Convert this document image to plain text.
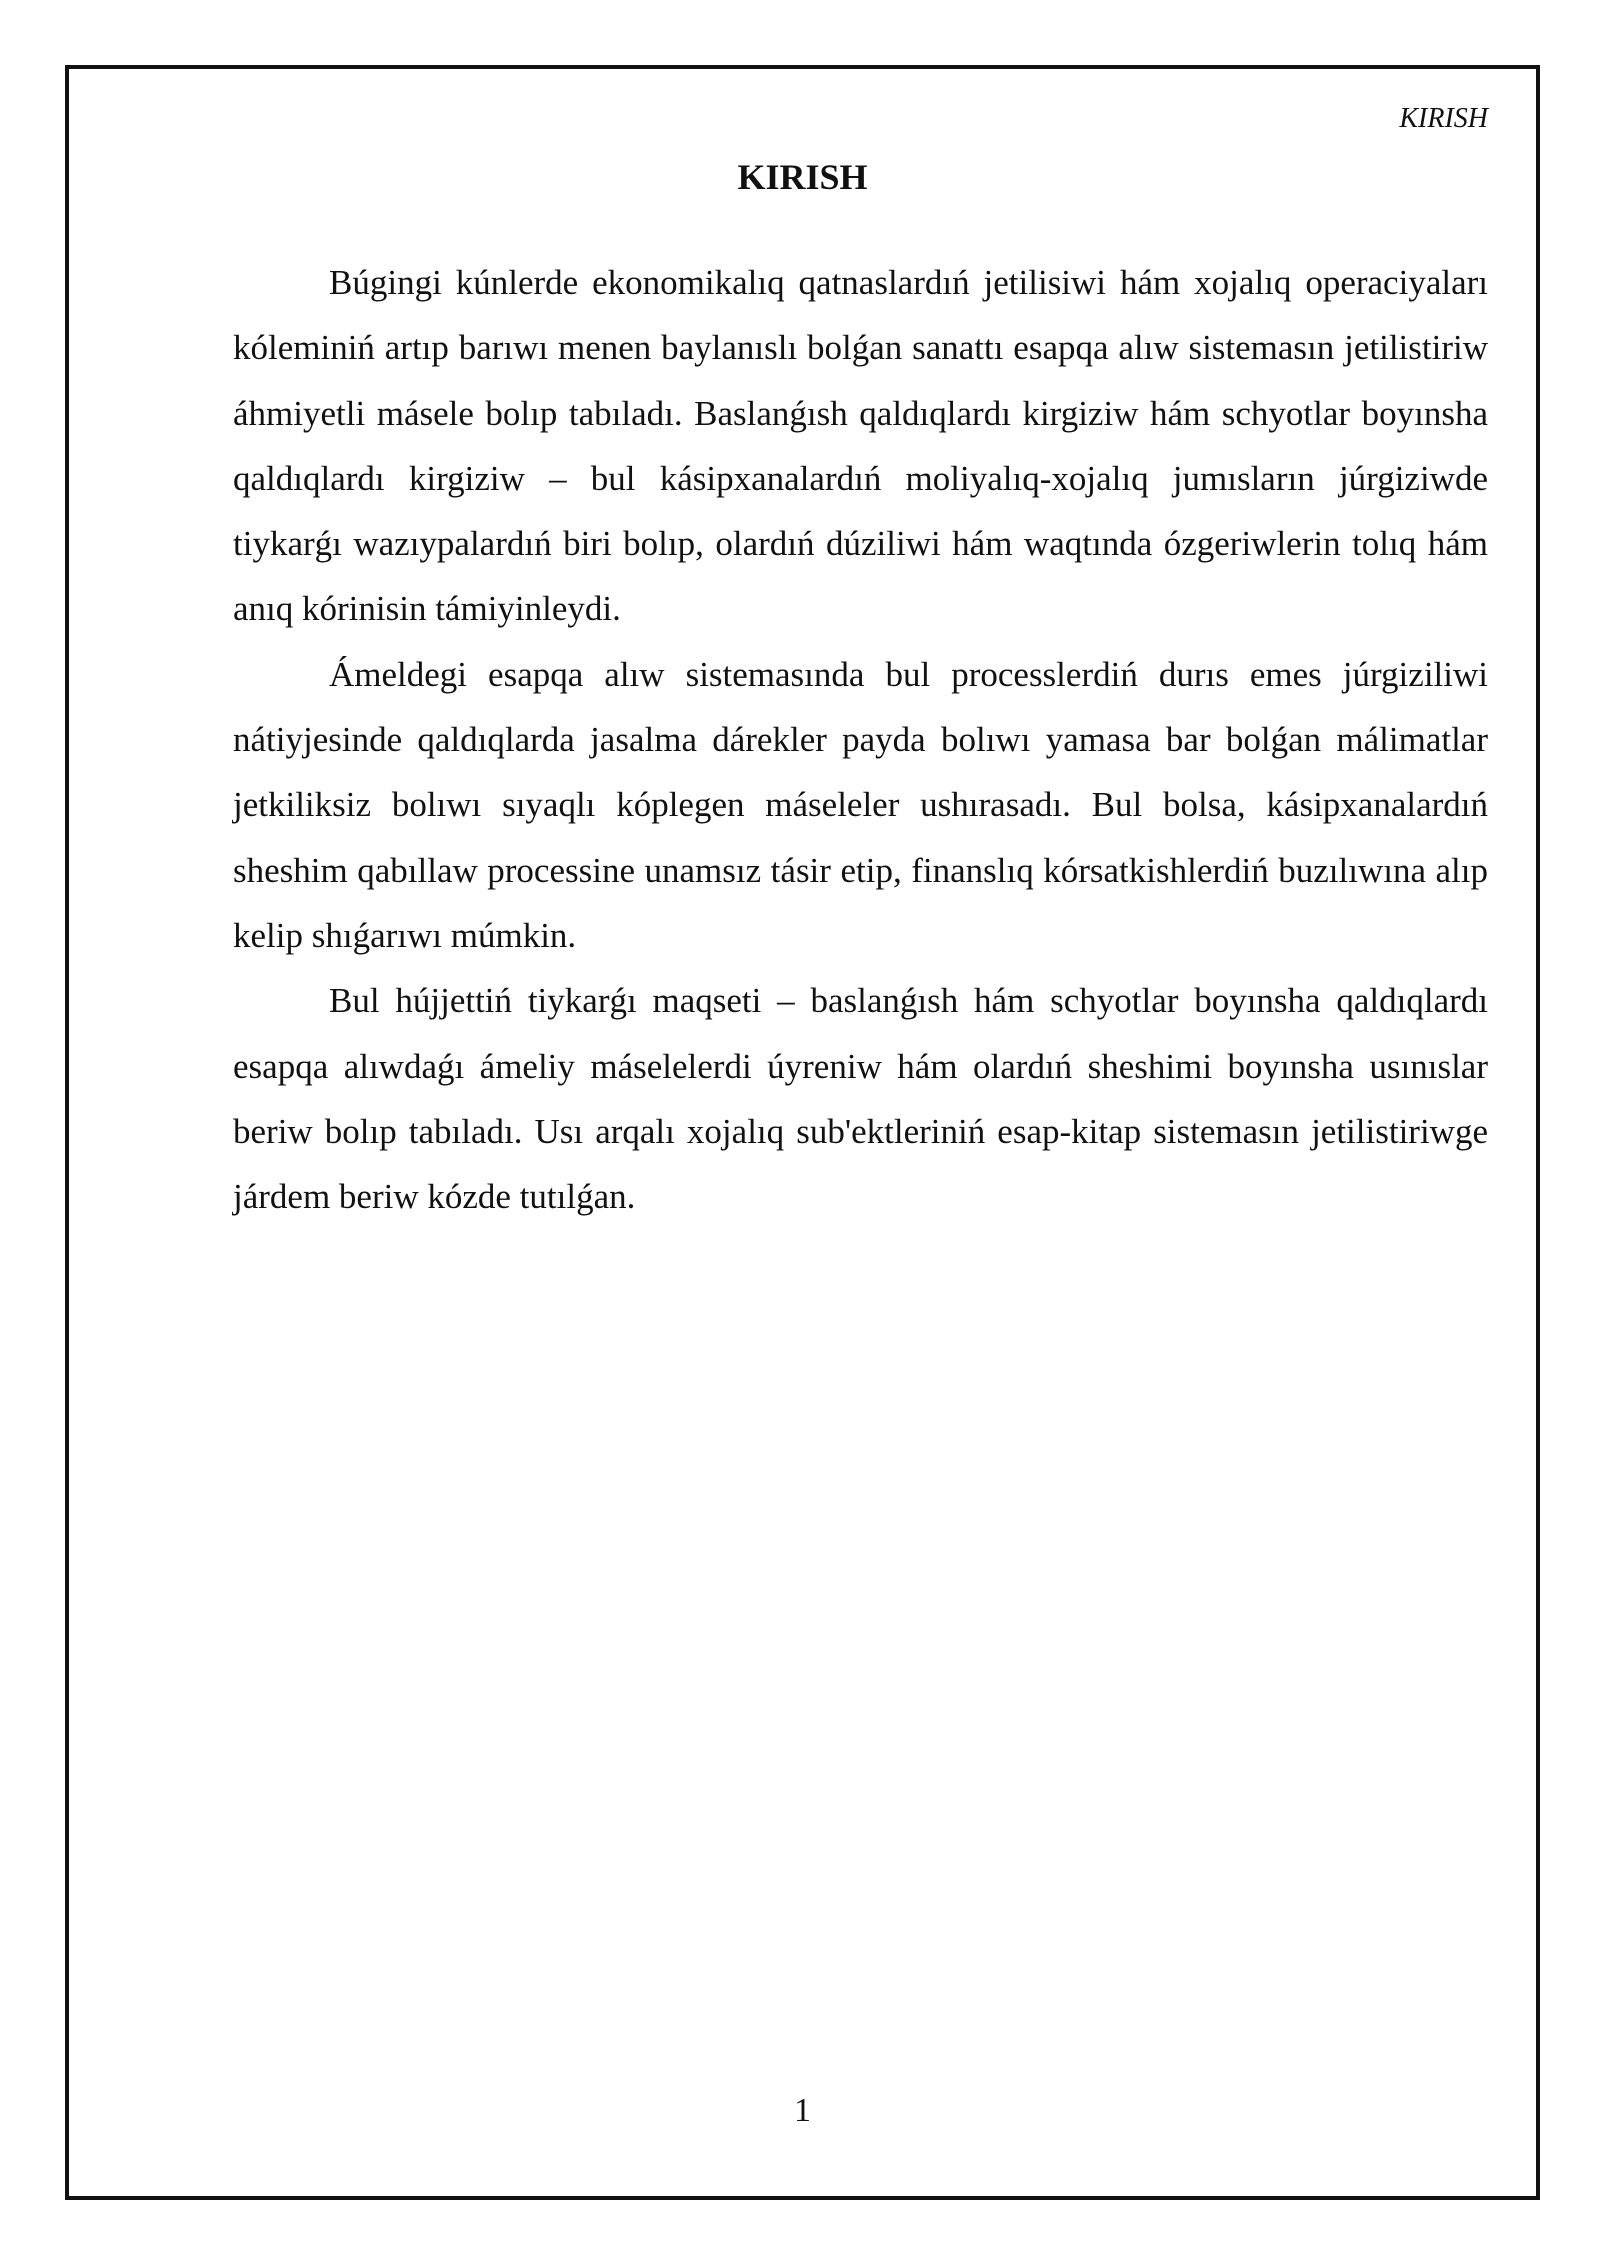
KIRISH
KIRISH

Búgingi kúnlerde ekonomikalıq qatnaslardıń jetilisiwi hám xojalıq operaciyaları kóleminiń artıp barıwı menen baylanıslı bolǵan sanattı esapqa alıw sistemasın jetilistiriw áhmiyetli másele bolıp tabıladı. Baslanǵısh qaldıqlardı kirgiziw hám schyotlar boyınsha qaldıqlardı kirgiziw – bul kásipxanalardıń moliyalıq-xojalıq jumısların júrgiziwde tiykarǵı wazıypalardıń biri bolıp, olardıń dúziliwi hám waqtında ózgeriwlerin tolıq hám anıq kórinisin támiyinleydi.

Ámeldegi esapqa alıw sistemasında bul processlerdiń durıs emes júrgiziliwi nátiyjesinde qaldıqlarda jasalma dárekler payda bolıwı yamasa bar bolǵan málimatlar jetkiliksiz bolıwı sıyaqlı kóplegen máseleler ushırasadı. Bul bolsa, kásipxanalardıń sheshim qabıllaw processine unamsız tásir etip, finanslıq kórsatkishlerdiń buzılıwına alıp kelip shıǵarıwı múmkin.

Bul hújjettiń tiykarǵı maqseti – baslanǵısh hám schyotlar boyınsha qaldıqlardı esapqa alıwdaǵı ámeliy máselelerdi úyreniw hám olardıń sheshimi boyınsha usınıslar beriw bolıp tabıladı. Usı arqalı xojalıq sub'ektleriniń esap-kitap sistemasın jetilistiriwge járdem beriw kózde tutılǵan.

1
